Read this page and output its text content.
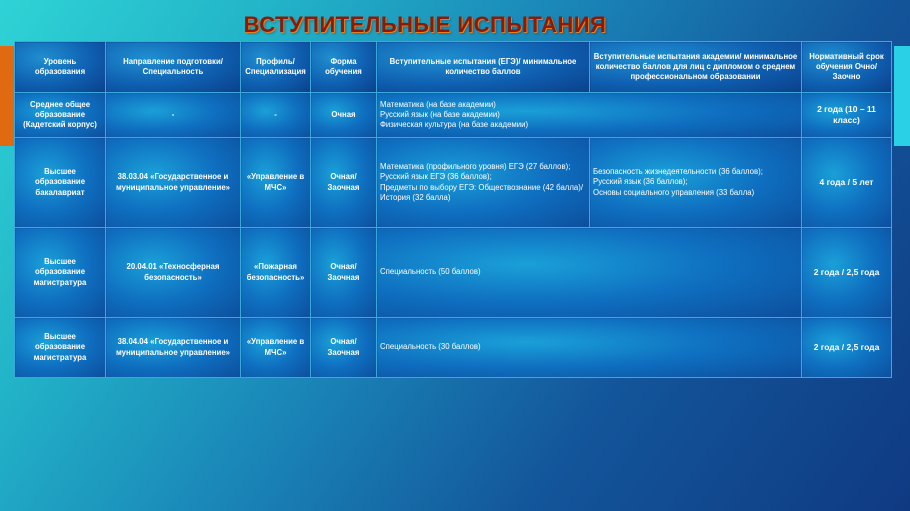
ВСТУПИТЕЛЬНЫЕ ИСПЫТАНИЯ
Уровень образования	Направление подготовки/ Специальность	Профиль/ Специализация	Форма обучения	Вступительные испытания (ЕГЭ)/ минимальное количество баллов	Вступительные испытания академии/ минимальное количество баллов для лиц с дипломом о среднем профессиональном образовании	Нормативный срок обучения Очно/Заочно
Среднее общее образование (Кадетский корпус)	-	-	Очная	Математика (на базе академии)
Русский язык (на базе академии)
Физическая культура (на базе академии)		2 года (10 – 11 класс)
Высшее образование бакалавриат	38.03.04 «Государственное и муниципальное управление»	«Управление в МЧС»	Очная/ Заочная	Математика (профильного уровня) ЕГЭ (27 баллов);
Русский язык ЕГЭ (36 баллов);
Предметы по выбору ЕГЭ: Обществознание (42 балла)/История (32 балла)	Безопасность жизнедеятельности (36 баллов);
Русский язык (36 баллов);
Основы социального управления (33 балла)	4 года / 5 лет
Высшее образование магистратура	20.04.01 «Техносферная безопасность»	«Пожарная безопасность»	Очная/ Заочная	Специальность (50 баллов)		2 года / 2,5 года
Высшее образование магистратура	38.04.04 «Государственное и муниципальное управление»	«Управление в МЧС»	Очная/ Заочная	Специальность (30 баллов)		2 года / 2,5 года
